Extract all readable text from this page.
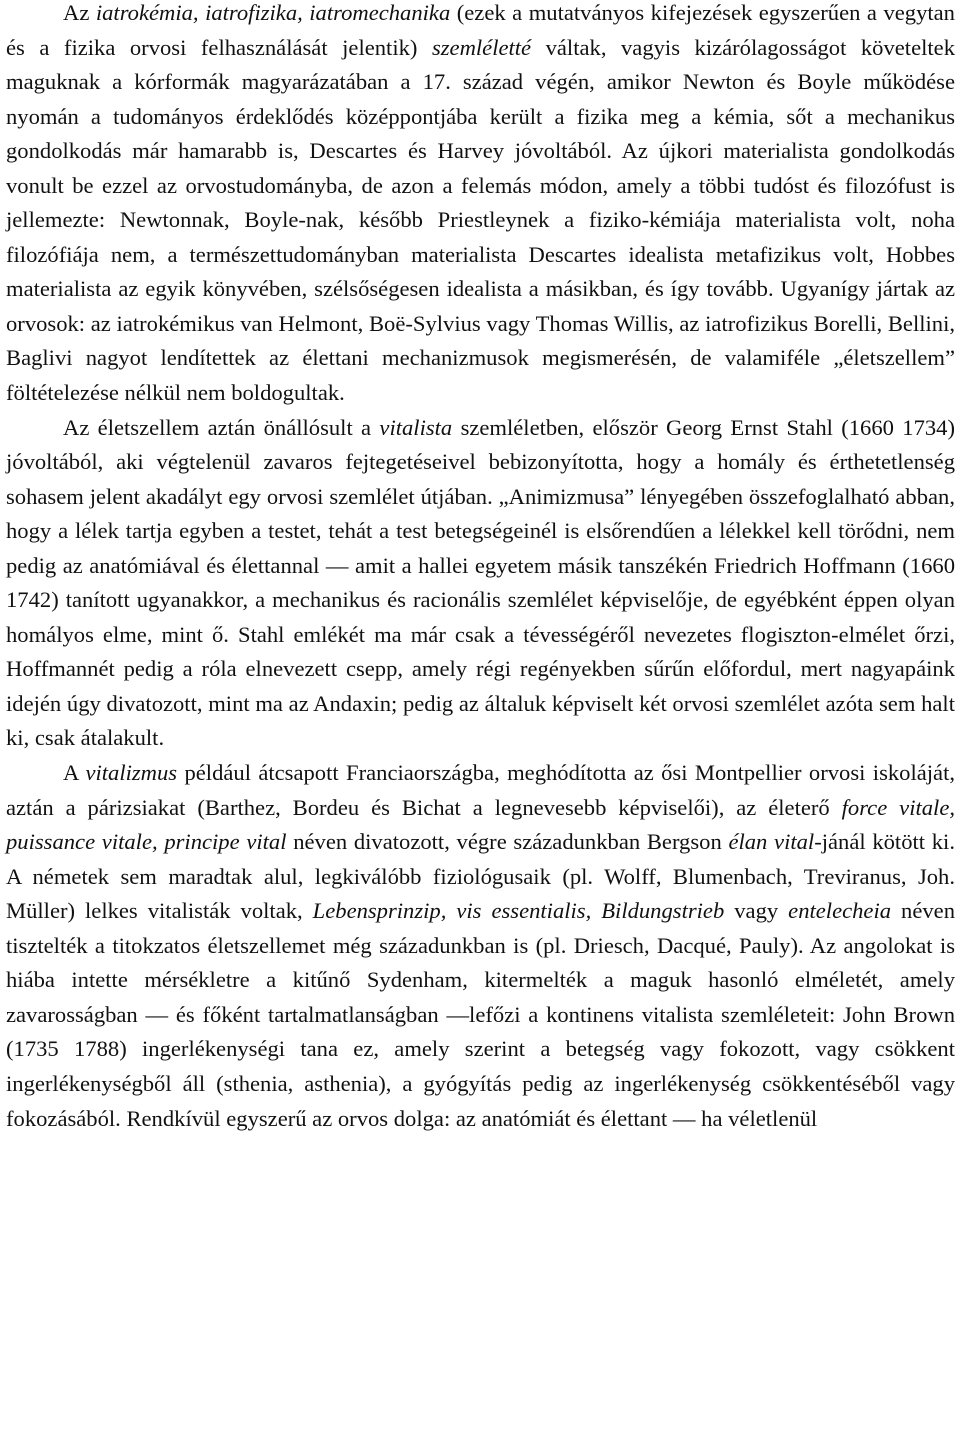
Az iatrokémia, iatrofizika, iatromechanika (ezek a mutatványos kifejezések egyszerűen a vegytan és a fizika orvosi felhasználását jelentik) szemléletté váltak, vagyis kizárólagosságot követeltek maguknak a kórformák magyarázatában a 17. század végén, amikor Newton és Boyle működése nyomán a tudományos érdeklődés középpontjába került a fizika meg a kémia, sőt a mechanikus gondolkodás már hamarabb is, Descartes és Harvey jóvoltából. Az újkori materialista gondolkodás vonult be ezzel az orvostudományba, de azon a felemás módon, amely a többi tudóst és filozófust is jellemezte: Newtonnak, Boyle-nak, később Priestleynek a fiziko-kémiája materialista volt, noha filozófiája nem, a természettudományban materialista Descartes idealista metafizikus volt, Hobbes materialista az egyik könyvében, szélsőségesen idealista a másikban, és így tovább. Ugyanígy jártak az orvosok: az iatrokémikus van Helmont, Boë-Sylvius vagy Thomas Willis, az iatrofizikus Borelli, Bellini, Baglivi nagyot lendítettek az élettani mechanizmusok megismerésén, de valamiféle „életszellem” föltételezése nélkül nem boldogultak.

Az életszellem aztán önállósult a vitalista szemléletben, először Georg Ernst Stahl (1660 1734) jóvoltából, aki végtelenül zavaros fejtegetéseivel bebizonyította, hogy a homály és érthetetlenség sohasem jelent akadályt egy orvosi szemlélet útjában. „Animizmusa” lényegében összefoglalható abban, hogy a lélek tartja egyben a testet, tehát a test betegségeinél is elsőrendűen a lélekkel kell törődni, nem pedig az anatómiával és élettannal — amit a hallei egyetem másik tanszékén Friedrich Hoffmann (1660 1742) tanított ugyanakkor, a mechanikus és racionális szemlélet képviselője, de egyébként éppen olyan homályos elme, mint ő. Stahl emlékét ma már csak a tévességéről nevezetes flogiszton-elmélet őrzi, Hoffmannét pedig a róla elnevezett csepp, amely régi regényekben sűrűn előfordul, mert nagyapáink idején úgy divatozott, mint ma az Andaxin; pedig az általuk képviselt két orvosi szemlélet azóta sem halt ki, csak átalakult.

A vitalizmus például átcsapott Franciaországba, meghódította az ősi Montpellier orvosi iskoláját, aztán a párizsiakat (Barthez, Bordeu és Bichat a legnevesebb képviselői), az életerő force vitale, puissance vitale, principe vital néven divatozott, végre századunkban Bergson élan vital-jánál kötött ki. A németek sem maradtak alul, legkiválóbb fiziológusaik (pl. Wolff, Blumenbach, Treviranus, Joh. Müller) lelkes vitalisták voltak, Lebensprinzip, vis essentialis, Bildungstrieb vagy entelecheia néven tisztelték a titokzatos életszellemet még századunkban is (pl. Driesch, Dacqué, Pauly). Az angolokat is hiába intette mérsékletre a kitűnő Sydenham, kitermelték a maguk hasonló elméletét, amely zavarosságban — és főként tartalmatlanságban —lefőzi a kontinens vitalista szemléleteit: John Brown (1735 1788) ingerlékenységi tana ez, amely szerint a betegség vagy fokozott, vagy csökkent ingerlékenységből áll (sthenia, asthenia), a gyógyítás pedig az ingerlékenység csökkentéséből vagy fokozásából. Rendkívül egyszerű az orvos dolga: az anatómiát és élettant — ha véletlenül
